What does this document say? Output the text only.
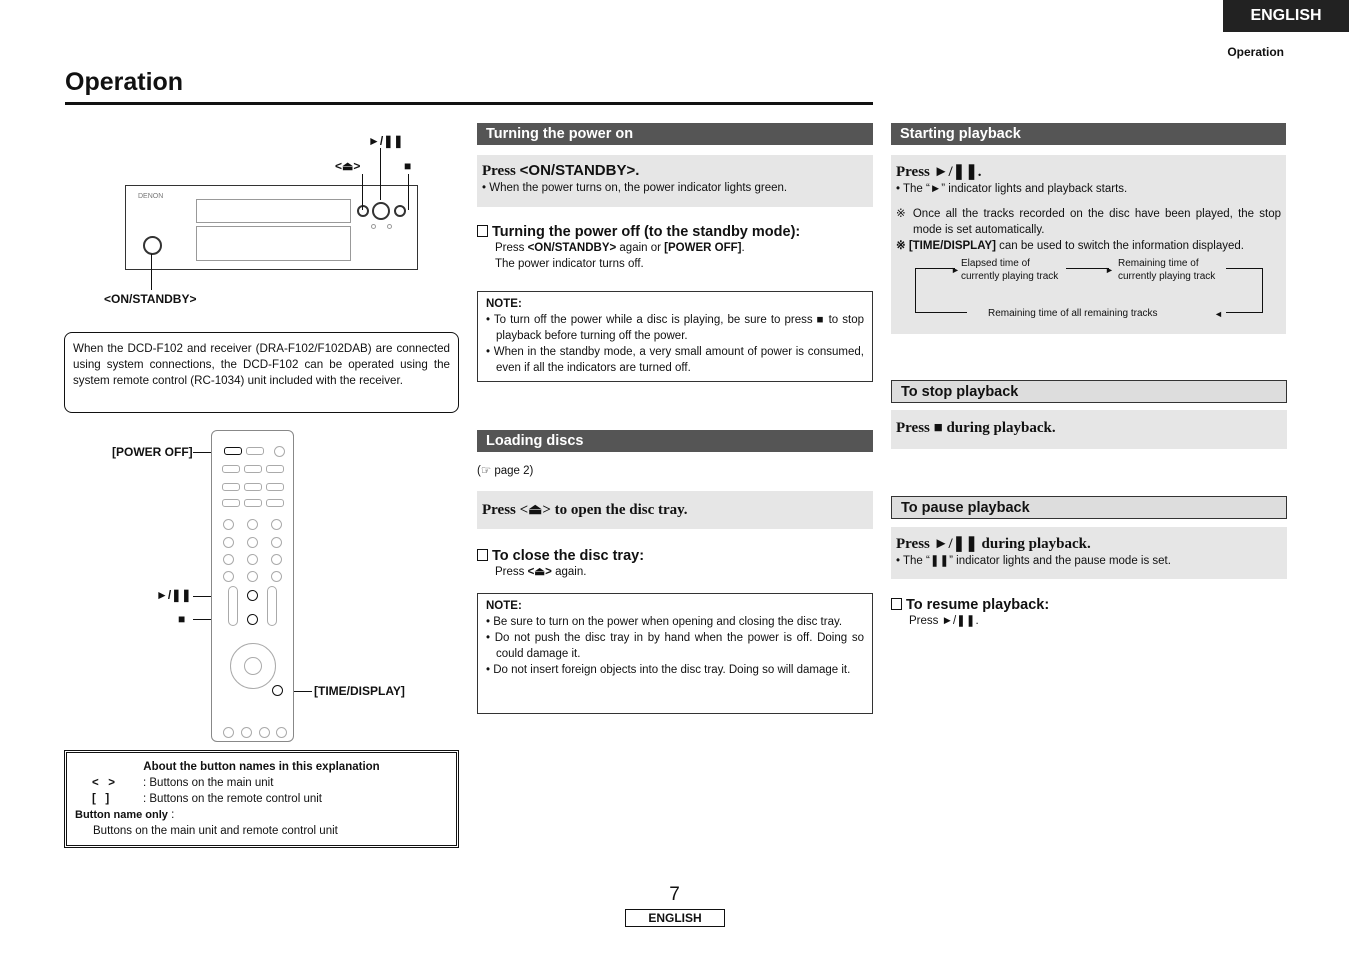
ENGLISH
Operation
Operation
►/❚❚
<⏏>	■
DENON
<ON/STANDBY>
When the DCD-F102 and receiver (DRA-F102/F102DAB) are connected using system connections, the DCD-F102 can be operated using the system remote control (RC-1034) unit included with the receiver.
[POWER OFF]
►/❚❚
■
[TIME/DISPLAY]
About the button names in this explanation
<   >	: Buttons on the main unit
[   ]	: Buttons on the remote control unit
Button name only :
Buttons on the main unit and remote control unit
Turning the power on
Press <ON/STANDBY>.
• When the power turns on, the power indicator lights green.
Turning the power off (to the standby mode):
Press <ON/STANDBY> again or [POWER OFF].
The power indicator turns off.
NOTE:
• To turn off the power while a disc is playing, be sure to press ■ to stop playback before turning off the power.
• When in the standby mode, a very small amount of power is consumed, even if all the indicators are turned off.
Loading discs
(☞ page 2)
Press <⏏> to open the disc tray.
To close the disc tray:
Press <⏏> again.
NOTE:
• Be sure to turn on the power when opening and closing the disc tray.
• Do not push the disc tray in by hand when the power is off. Doing so could damage it.
• Do not insert foreign objects into the disc tray. Doing so will damage it.
Starting playback
Press ►/❚❚.
• The “►” indicator lights and playback starts.
※ Once all the tracks recorded on the disc have been played, the stop mode is set automatically.
※ [TIME/DISPLAY] can be used to switch the information displayed.
Elapsed time of currently playing track
Remaining time of currently playing track
Remaining time of all remaining tracks
►
◄
►
To stop playback
Press ■ during playback.
To pause playback
Press ►/❚❚ during playback.
• The “❚❚” indicator lights and the pause mode is set.
To resume playback:
Press ►/❚❚.
7
ENGLISH
